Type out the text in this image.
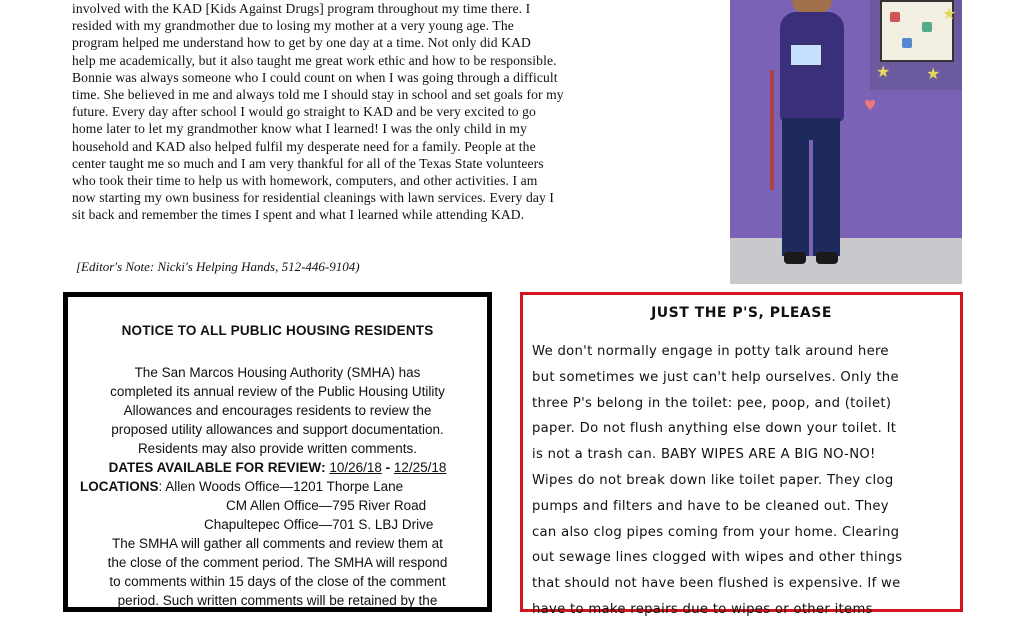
involved with the KAD [Kids Against Drugs] program throughout my time there. I
resided with my grandmother due to losing my mother at a very young age. The
program helped me understand how to get by one day at a time. Not only did KAD
help me academically, but it also taught me great work ethic and how to be responsible.
Bonnie was always someone who I could count on when I was going through a difficult
time. She believed in me and always told me I should stay in school and set goals for my
future. Every day after school I would go straight to KAD and be very excited to go
home later to let my grandmother know what I learned! I was the only child in my
household and KAD also helped fulfil my desperate need for a family. People at the
center taught me so much and I am very thankful for all of the Texas State volunteers
who took their time to help us with homework, computers, and other activities. I am
now starting my own business for residential cleanings with lawn services. Every day I
sit back and remember the times I spent and what I learned while attending KAD.

[Editor's Note: Nicki's Helping Hands, 512-446-9104)
★
★ ★
♥
NOTICE TO ALL PUBLIC HOUSING RESIDENTS
The San Marcos Housing Authority (SMHA) has
completed its annual review of the Public Housing Utility
Allowances and encourages residents to review the
proposed utility allowances and support documentation.
Residents may also provide written comments.
DATES AVAILABLE FOR REVIEW: 10/26/18 - 12/25/18
LOCATIONS: Allen Woods Office—1201 Thorpe Lane
CM Allen Office—795 River Road
Chapultepec Office—701 S. LBJ Drive
The SMHA will gather all comments and review them at
the close of the comment period. The SMHA will respond
to comments within 15 days of the close of the comment
period. Such written comments will be retained by the
JUST THE P'S, PLEASE
We don't normally engage in potty talk around here
but sometimes we just can't help ourselves. Only the
three P's belong in the toilet: pee, poop, and (toilet)
paper. Do not flush anything else down your toilet. It
is not a trash can. BABY WIPES ARE A BIG NO-NO!
Wipes do not break down like toilet paper. They clog
pumps and filters and have to be cleaned out. They
can also clog pipes coming from your home. Clearing
out sewage lines clogged with wipes and other things
that should not have been flushed is expensive. If we
have to make repairs due to wipes or other items
